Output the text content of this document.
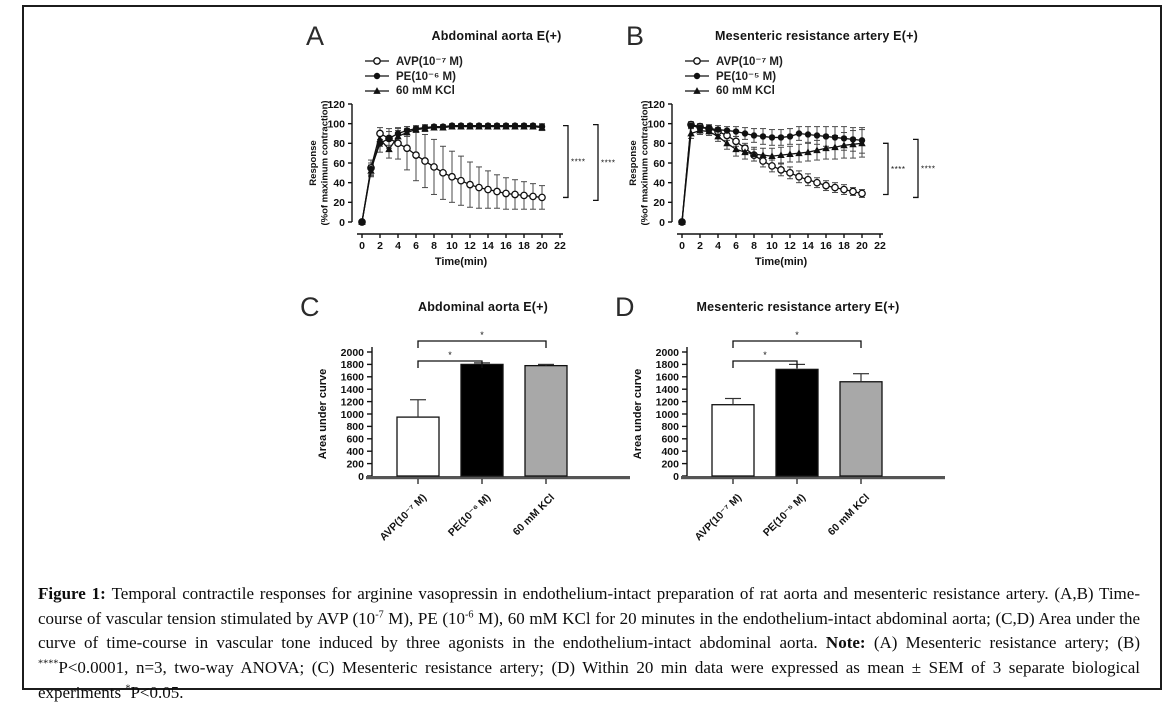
A	Abdominal aorta E(+)
AVP(10⁻⁷ M)
PE(10⁻⁶ M)
60 mM KCl
0
20
40
60
80
100
120
0 2 4 6 8 10 12 14 16 18 20 22
Time(min)
Response (%of maximum contraction)	**** ****
B	Mesenteric resistance artery E(+)
AVP(10⁻⁷ M)
PE(10⁻⁵ M)
60 mM KCl
0
20
40
60
80
100
120
0 2 4 6 8 10 12 14 16 18 20 22
Time(min)
Response (%of maximum contraction)	**** ****
C	Abdominal aorta E(+)
0
200
400
600
800
1000
1200
1400
1600
1800
2000
Area under curve
AVP(10⁻⁷ M) PE(10⁻⁶ M) 60 mM KCl
*
*
D	Mesenteric resistance artery E(+)
0
200
400
600
800
1000
1200
1400
1600
1800
2000
Area under curve
AVP(10⁻⁷ M) PE(10⁻⁵ M) 60 mM KCl
*
*

Figure 1: Temporal contractile responses for arginine vasopressin in endothelium-intact preparation of rat aorta and mesenteric resistance artery. (A,B) Time-course of vascular tension stimulated by AVP ($10^{-7}$ M), PE ($10^{-6}$ M), 60 mM KCl for 20 minutes in the endothelium-intact abdominal aorta; (C,D) Area under the curve of time-course in vascular tone induced by three agonists in the endothelium-intact abdominal aorta. Note: (A) Mesenteric resistance artery; (B) ****P<0.0001, n=3, two-way ANOVA; (C) Mesenteric resistance artery; (D) Within 20 min data were expressed as mean ± SEM of 3 separate biological experiments *P<0.05.
